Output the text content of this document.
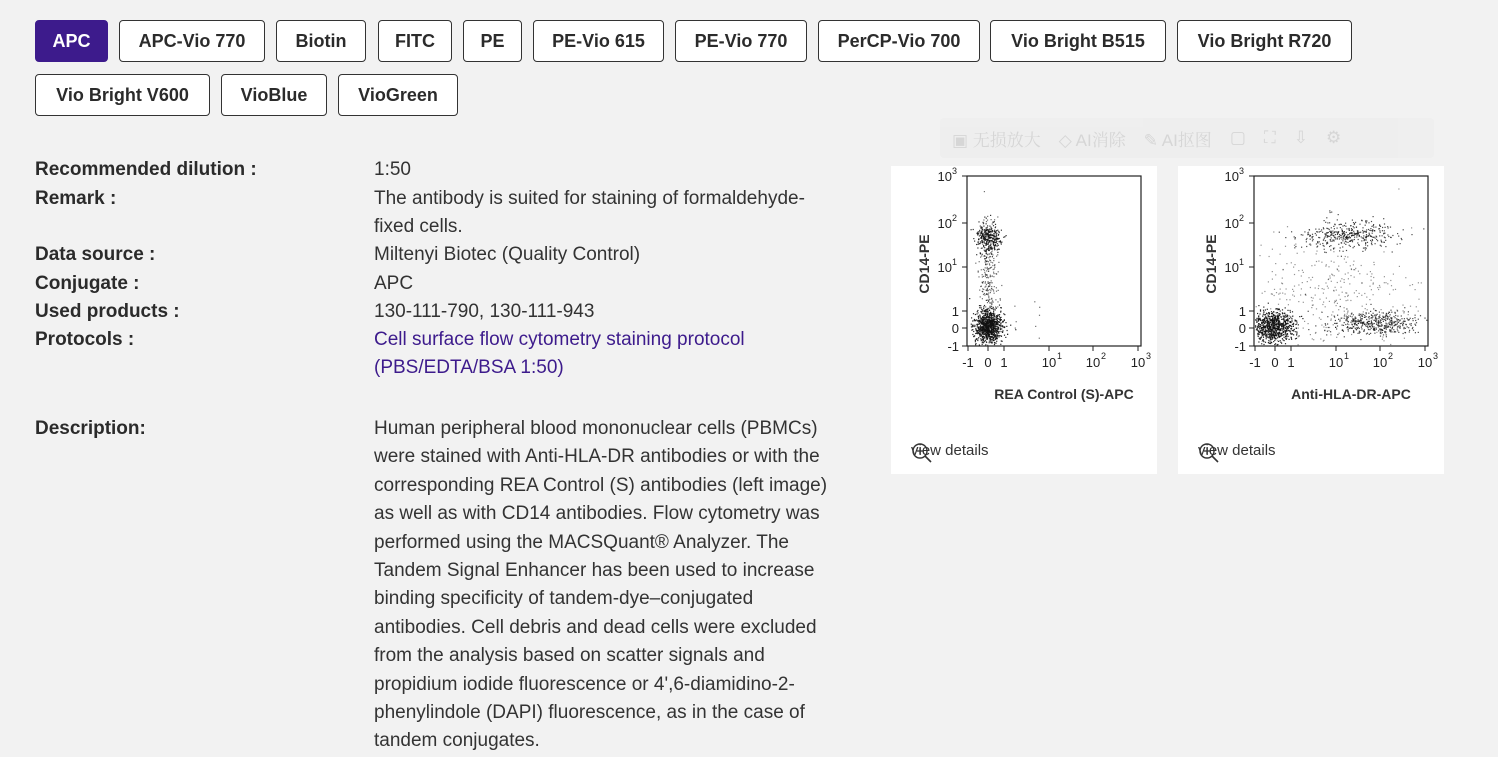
APC	APC-Vio 770	Biotin	FITC	PE	PE-Vio 615	PE-Vio 770	PerCP-Vio 700	Vio Bright B515	Vio Bright R720
Vio Bright V600	VioBlue	VioGreen
Recommended dilution :	1:50
Remark :	The antibody is suited for staining of formaldehyde-fixed cells.
Data source :	Miltenyi Biotec (Quality Control)
Conjugate :	APC
Used products :	130-111-790, 130-111-943
Protocols :	Cell surface flow cytometry staining protocol (PBS/EDTA/BSA 1:50)
Description:	Human peripheral blood mononuclear cells (PBMCs) were stained with Anti-HLA-DR antibodies or with the corresponding REA Control (S) antibodies (left image) as well as with CD14 antibodies. Flow cytometry was performed using the MACSQuant® Analyzer. The Tandem Signal Enhancer has been used to increase binding specificity of tandem-dye–conjugated antibodies. Cell debris and dead cells were excluded from the analysis based on scatter signals and propidium iodide fluorescence or 4',6-diamidino-2-phenylindole (DAPI) fluorescence, as in the case of tandem conjugates.
▣ 无损放大 ◇ AI消除 ✎ AI抠图 ▢ ⛶ ⇩ ⚙
-1 0 1	10 1 10 2 10 3
-1
0
1
10 1
10 2
10 3
REA Control (S)-APC
CD14-PE
view details
-1 0 1	10 1 10 2 10 3
-1
0
1
10 1
10 2
10 3
Anti-HLA-DR-APC
CD14-PE
view details
